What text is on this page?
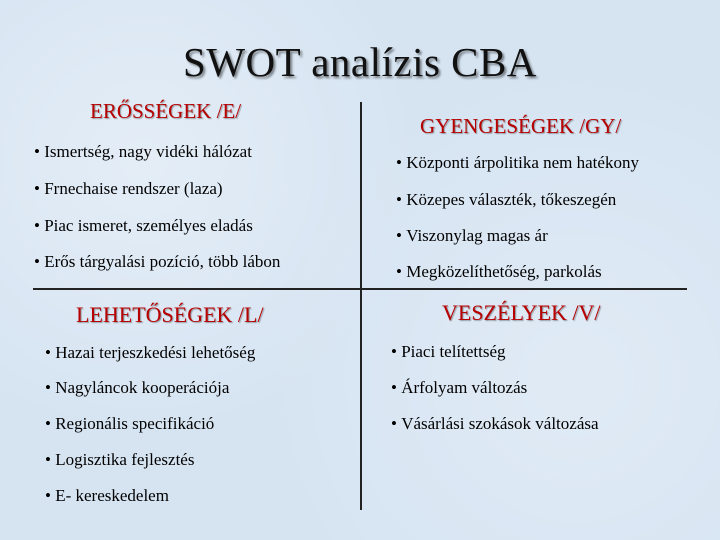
SWOT analízis CBA
ERŐSSÉGEK /E/
• Ismertség, nagy vidéki hálózat
• Frnechaise rendszer (laza)
• Piac ismeret, személyes eladás
• Erős tárgyalási pozíció, több lábon
GYENGESÉGEK /GY/
• Központi árpolitika nem hatékony
• Közepes választék, tőkeszegén
• Viszonylag magas ár
• Megközelíthetőség, parkolás
LEHETŐSÉGEK /L/
• Hazai terjeszkedési lehetőség
• Nagyláncok kooperációja
• Regionális specifikáció
• Logisztika fejlesztés
• E- kereskedelem
VESZÉLYEK /V/
• Piaci telítettség
• Árfolyam változás
• Vásárlási szokások változása
